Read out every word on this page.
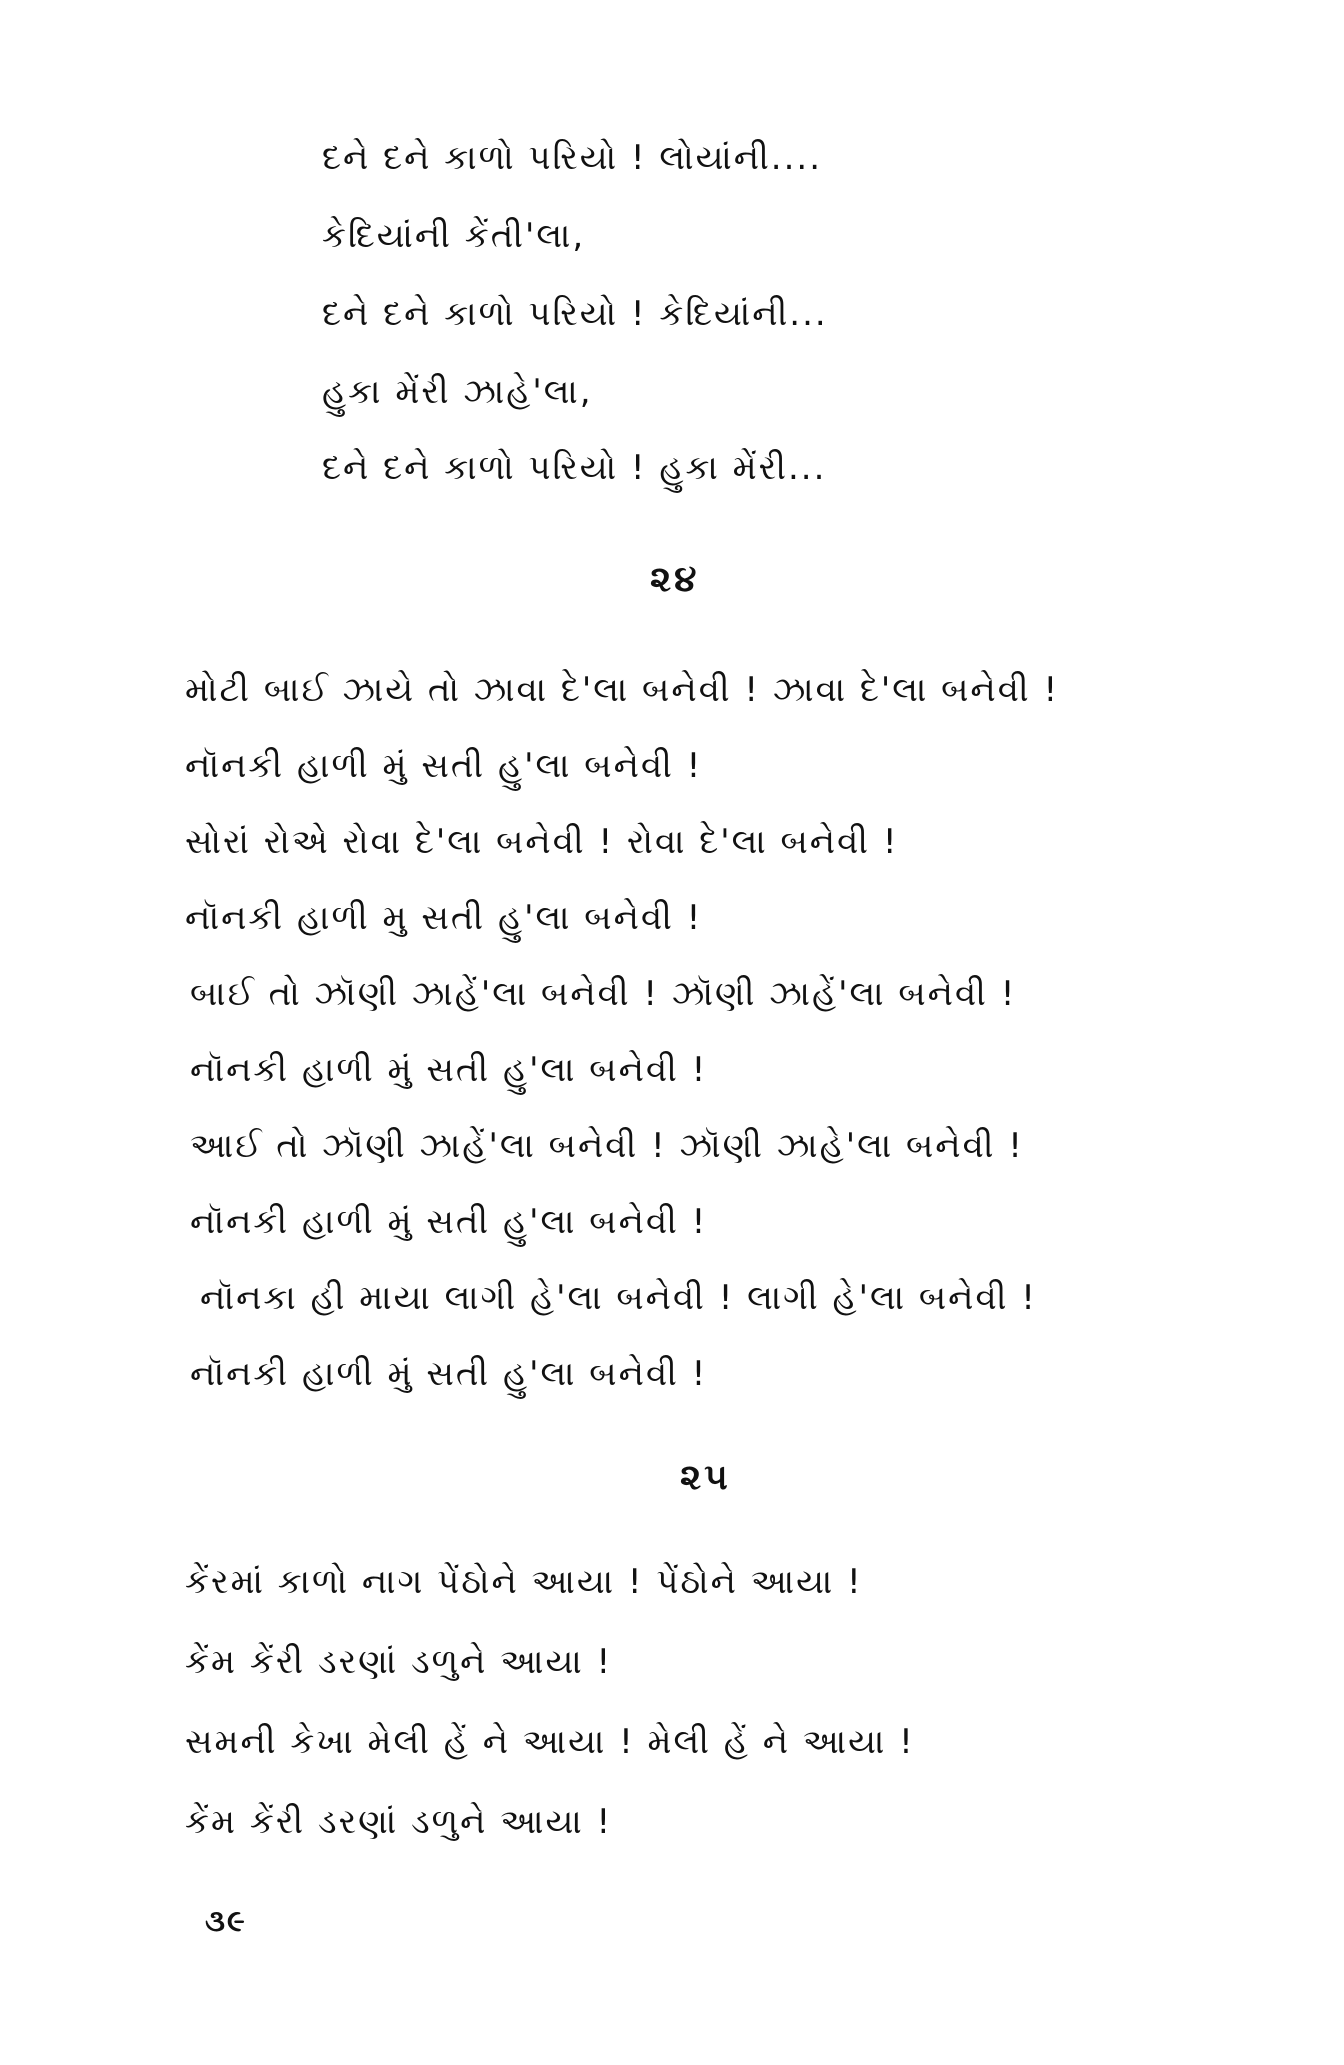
દને દને કાળો પરિયો ! લોયાંની....
કેદિયાંની કેંતી'લા,
દને દને કાળો પરિયો ! કેદિયાંની...
હુકા મેંરી ઝાહે'લા,
દને દને કાળો પરિયો ! હુકા મેંરી...
૨૪
મોટી બાઈ ઝાયે તો ઝાવા દે'લા બનેવી ! ઝાવા દે'લા બનેવી !
નૉનકી હાળી મું સતી હુ'લા બનેવી !
સોરાં રોએ રોવા દે'લા બનેવી ! રોવા દે'લા બનેવી !
નૉનકી હાળી મુ સતી હુ'લા બનેવી !
બાઈ તો ઝૉણી ઝાહેં'લા બનેવી ! ઝૉણી ઝાહેં'લા બનેવી !
નૉનકી હાળી મું સતી હુ'લા બનેવી !
આઈ તો ઝૉણી ઝાહેં'લા બનેવી ! ઝૉણી ઝાહે'લા બનેવી !
નૉનકી હાળી મું સતી હુ'લા બનેવી !
નૉનકા હી માયા લાગી હે'લા બનેવી ! લાગી હે'લા બનેવી !
નૉનકી હાળી મું સતી હુ'લા બનેવી !
૨૫
કેંરમાં કાળો નાગ પેંઠોને આયા ! પેંઠોને આયા !
કેંમ કેંરી ડરણાં ડળુને આયા !
સમની કેખા મેલી હેં ને આયા ! મેલી હેં ને આયા !
કેંમ કેંરી ડરણાં ડળુને આયા !
૩૯
